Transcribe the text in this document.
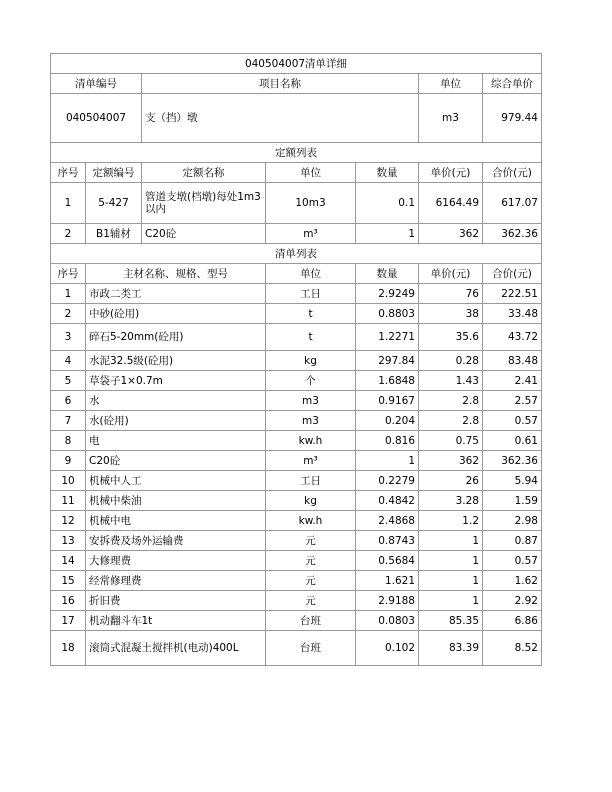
040504007清单详细						
清单编号		项目名称			单位	综合单价
040504007		支（挡）墩			m3	979.44
定额列表						
序号	定额编号	定额名称	单位	数量	单价(元)	合价(元)
1	5-427	管道支墩(档墩)每处1m3以内	10m3	0.1	6164.49	617.07
2	B1辅材	C20砼	m³	1	362	362.36
清单列表						
序号	主材名称、规格、型号		单位	数量	单价(元)	合价(元)
1	市政二类工		工日	2.9249	76	222.51
2	中砂(砼用)		t	0.8803	38	33.48
3	碎石5-20mm(砼用)		t	1.2271	35.6	43.72
4	水泥32.5级(砼用)		kg	297.84	0.28	83.48
5	草袋子1×0.7m		个	1.6848	1.43	2.41
6	水		m3	0.9167	2.8	2.57
7	水(砼用)		m3	0.204	2.8	0.57
8	电		kw.h	0.816	0.75	0.61
9	C20砼		m³	1	362	362.36
10	机械中人工		工日	0.2279	26	5.94
11	机械中柴油		kg	0.4842	3.28	1.59
12	机械中电		kw.h	2.4868	1.2	2.98
13	安拆费及场外运输费		元	0.8743	1	0.87
14	大修理费		元	0.5684	1	0.57
15	经常修理费		元	1.621	1	1.62
16	折旧费		元	2.9188	1	2.92
17	机动翻斗车1t		台班	0.0803	85.35	6.86
18	滚筒式混凝土搅拌机(电动)400L		台班	0.102	83.39	8.52
